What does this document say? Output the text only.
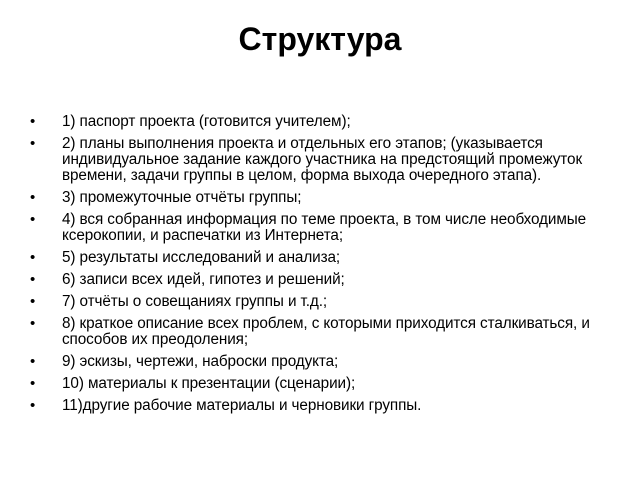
Структура
• 1) паспорт проекта (готовится учителем);
• 2) планы выполнения проекта и отдельных его этапов; (указывается индивидуальное задание каждого участника на предстоящий промежуток времени, задачи группы в целом, форма выхода очередного этапа).
• 3) промежуточные отчёты группы;
• 4) вся собранная информация по теме проекта, в том числе необходимые ксерокопии, и распечатки из Интернета;
• 5) результаты исследований и анализа;
• 6) записи всех идей, гипотез и решений;
• 7) отчёты о совещаниях группы и т.д.;
• 8) краткое описание всех проблем, с которыми приходится сталкиваться, и способов их преодоления;
• 9) эскизы, чертежи, наброски продукта;
• 10) материалы к презентации (сценарии);
• 11)другие рабочие материалы и черновики группы.
